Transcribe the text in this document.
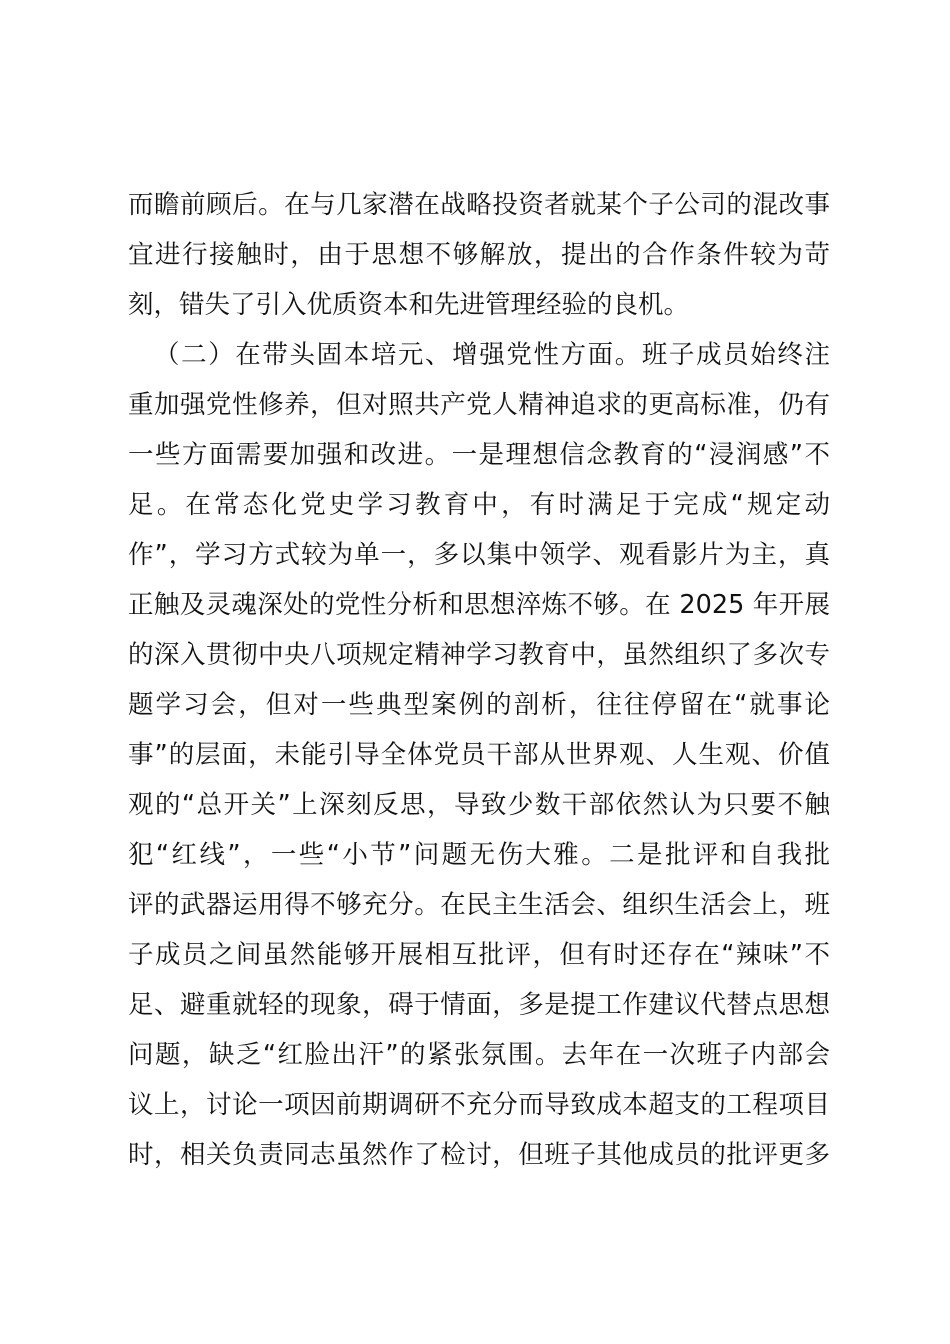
而瞻前顾后。在与几家潜在战略投资者就某个子公司的混改事
宜进行接触时，由于思想不够解放，提出的合作条件较为苛
刻，错失了引入优质资本和先进管理经验的良机。
（二）在带头固本培元、增强党性方面。班子成员始终注
重加强党性修养，但对照共产党人精神追求的更高标准，仍有
一些方面需要加强和改进。一是理想信念教育的“浸润感”不
足。在常态化党史学习教育中，有时满足于完成“规定动
作”，学习方式较为单一，多以集中领学、观看影片为主，真
正触及灵魂深处的党性分析和思想淬炼不够。在 2025 年开展
的深入贯彻中央八项规定精神学习教育中，虽然组织了多次专
题学习会，但对一些典型案例的剖析，往往停留在“就事论
事”的层面，未能引导全体党员干部从世界观、人生观、价值
观的“总开关”上深刻反思，导致少数干部依然认为只要不触
犯“红线”，一些“小节”问题无伤大雅。二是批评和自我批
评的武器运用得不够充分。在民主生活会、组织生活会上，班
子成员之间虽然能够开展相互批评，但有时还存在“辣味”不
足、避重就轻的现象，碍于情面，多是提工作建议代替点思想
问题，缺乏“红脸出汗”的紧张氛围。去年在一次班子内部会
议上，讨论一项因前期调研不充分而导致成本超支的工程项目
时，相关负责同志虽然作了检讨，但班子其他成员的批评更多
